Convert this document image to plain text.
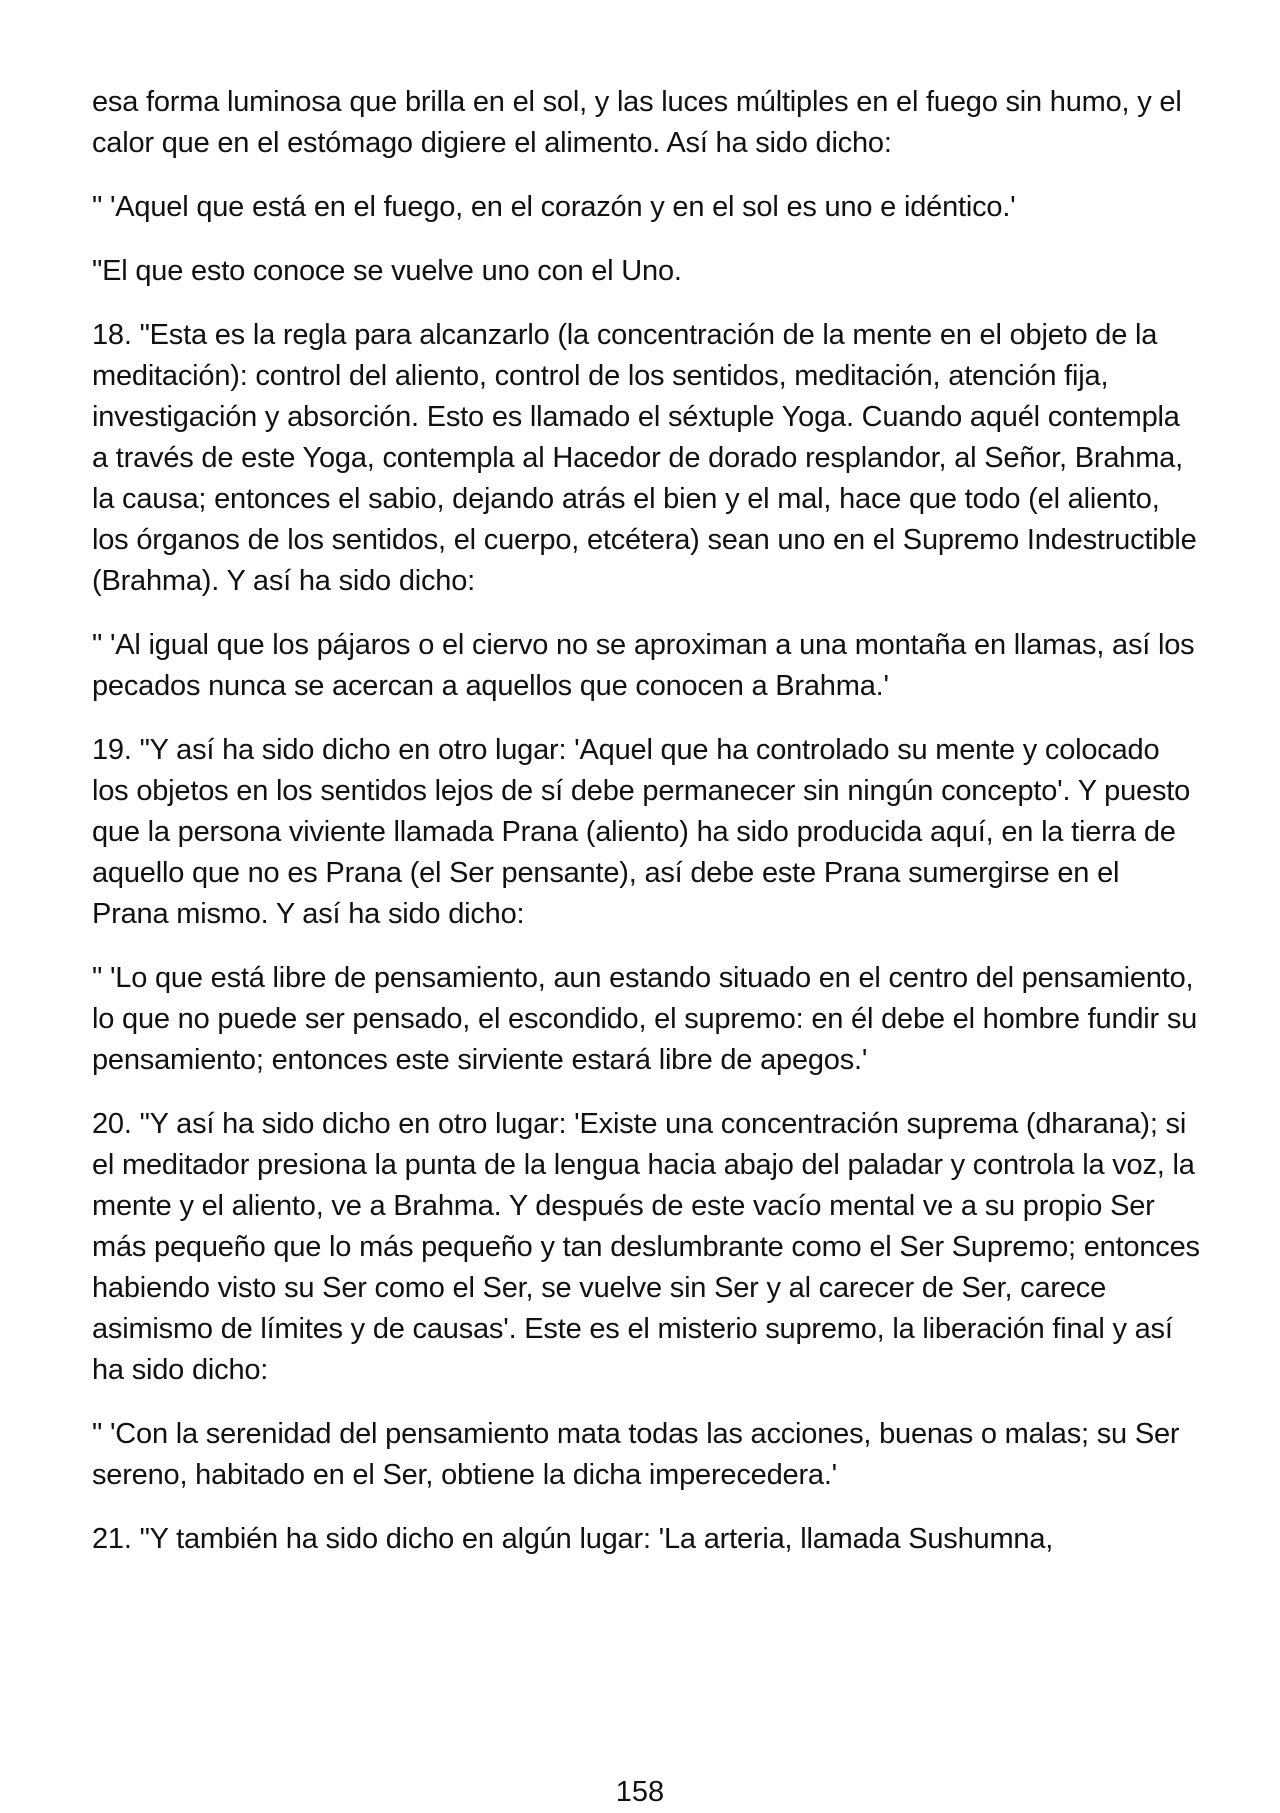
esa forma luminosa que brilla en el sol, y las luces múltiples en el fuego sin humo, y el calor que en el estómago digiere el alimento. Así ha sido dicho:

" 'Aquel que está en el fuego, en el corazón y en el sol es uno e idéntico.'

"El que esto conoce se vuelve uno con el Uno.

18. "Esta es la regla para alcanzarlo (la concentración de la mente en el objeto de la meditación): control del aliento, control de los sentidos, meditación, atención fija, investigación y absorción. Esto es llamado el séxtuple Yoga. Cuando aquél contempla a través de este Yoga, contempla al Hacedor de dorado resplandor, al Señor, Brahma, la causa; entonces el sabio, dejando atrás el bien y el mal, hace que todo (el aliento, los órganos de los sentidos, el cuerpo, etcétera) sean uno en el Supremo Indestructible (Brahma). Y así ha sido dicho:

" 'Al igual que los pájaros o el ciervo no se aproximan a una montaña en llamas, así los pecados nunca se acercan a aquellos que conocen a Brahma.'

19. "Y así ha sido dicho en otro lugar: 'Aquel que ha controlado su mente y colocado los objetos en los sentidos lejos de sí debe permanecer sin ningún concepto'. Y puesto que la persona viviente llamada Prana (aliento) ha sido producida aquí, en la tierra de aquello que no es Prana (el Ser pensante), así debe este Prana sumergirse en el Prana mismo. Y así ha sido dicho:

" 'Lo que está libre de pensamiento, aun estando situado en el centro del pensamiento, lo que no puede ser pensado, el escondido, el supremo: en él debe el hombre fundir su pensamiento; entonces este sirviente estará libre de apegos.'

20. "Y así ha sido dicho en otro lugar: 'Existe una concentración suprema (dharana); si el meditador presiona la punta de la lengua hacia abajo del paladar y controla la voz, la mente y el aliento, ve a Brahma. Y después de este vacío mental ve a su propio Ser más pequeño que lo más pequeño y tan deslumbrante como el Ser Supremo; entonces habiendo visto su Ser como el Ser, se vuelve sin Ser y al carecer de Ser, carece asimismo de límites y de causas'. Este es el misterio supremo, la liberación final y así ha sido dicho:

" 'Con la serenidad del pensamiento mata todas las acciones, buenas o malas; su Ser sereno, habitado en el Ser, obtiene la dicha imperecedera.'

21. "Y también ha sido dicho en algún lugar: 'La arteria, llamada Sushumna,

158
